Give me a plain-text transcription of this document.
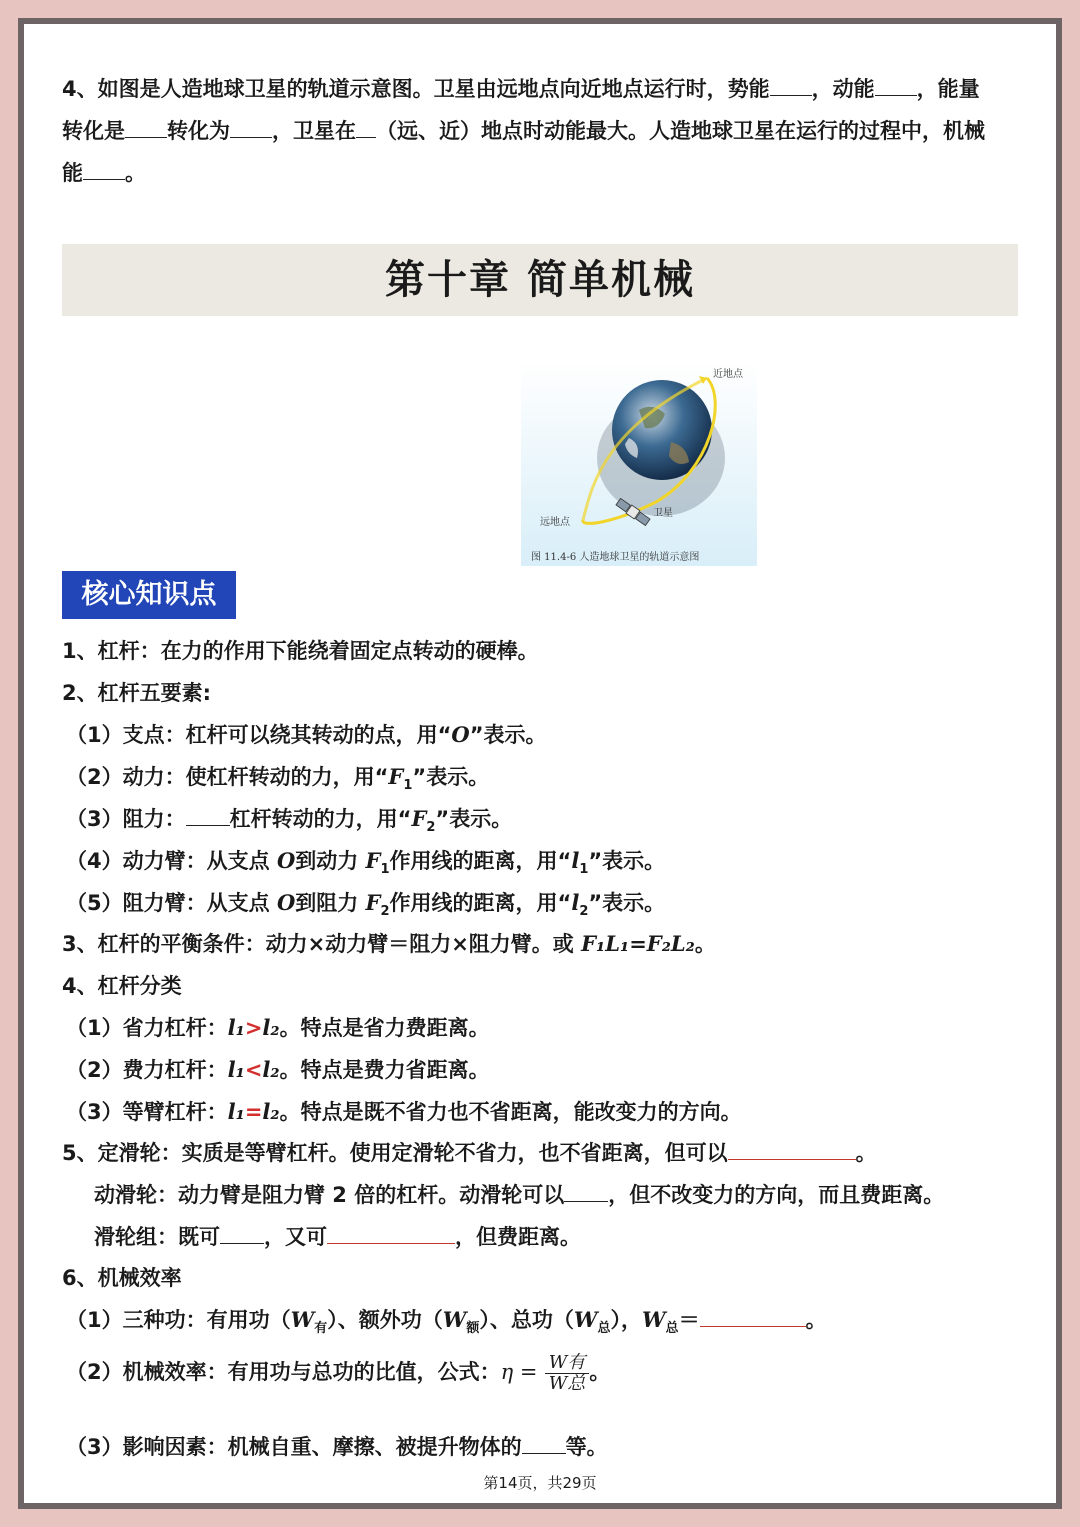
4、如图是人造地球卫星的轨道示意图。卫星由远地点向近地点运行时，势能 ，动能 ，能量
转化是 转化为 ，卫星在 （远、近）地点时动能最大。人造地球卫星在运行的过程中，机械
能 。
第十章 简单机械
近地点
远地点
卫星
图 11.4-6 人造地球卫星的轨道示意图
核心知识点
1、杠杆：在力的作用下能绕着固定点转动的硬棒。
2、杠杆五要素:
（1）支点：杠杆可以绕其转动的点，用“O”表示。
（2）动力：使杠杆转动的力，用“$F_1$”表示。
（3）阻力： 杠杆转动的力，用“$F_2$”表示。
（4）动力臂：从支点 O到动力 $F_1$作用线的距离，用“$l_1$”表示。
（5）阻力臂：从支点 O到阻力 $F_2$作用线的距离，用“$l_2$”表示。
3、杠杆的平衡条件：动力×动力臂＝阻力×阻力臂。或 F₁L₁=F₂L₂。
4、杠杆分类
（1）省力杠杆：l₁>l₂。特点是省力费距离。
（2）费力杠杆：l₁<l₂。特点是费力省距离。
（3）等臂杠杆：l₁=l₂。特点是既不省力也不省距离，能改变力的方向。
5、定滑轮：实质是等臂杠杆。使用定滑轮不省力，也不省距离，但可以	。
动滑轮：动力臂是阻力臂 2 倍的杠杆。动滑轮可以 ，但不改变力的方向，而且费距离。
滑轮组：既可 ，又可	，但费距离。
6、机械效率
（1）三种功：有用功$(W_有)$、额外功$(W_额)$、总功$(W_总)$，$W_总=$	。
（2）机械效率：有用功与总功的比值，公式：$\eta = \frac{\text{W有}}{\text{W总}}$ 。
（3）影响因素：机械自重、摩擦、被提升物体的 等。
第14页，共29页
